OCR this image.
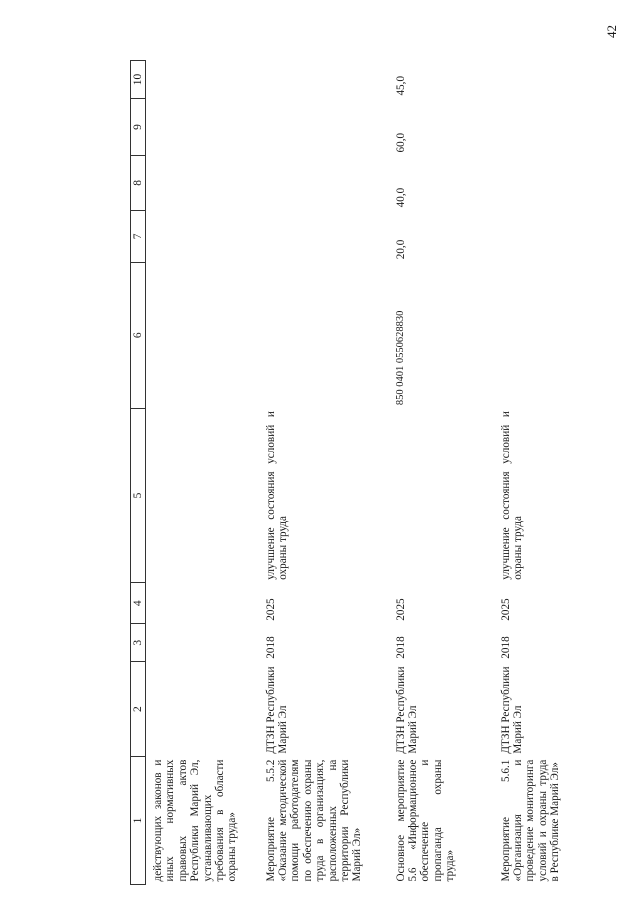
42
1	2	3	4	5	6	7	8	9	10
действующих законов и иных нормативных правовых актов Республики Марий Эл, устанавливающих требования в области охраны труда»									
Мероприятие 5.5.2 «Оказание методической помощи работодателям по обеспечению охраны труда в организациях, расположенных на территории Республики Марий Эл»	ДТЗН Республики Марий Эл	2018	2025	улучшение состояния условий и охраны труда					
Основное мероприятие 5.6 «Информационное обеспечение и пропаганда охраны труда»	ДТЗН Республики Марий Эл	2018	2025		850 0401 0550628830	20,0	40,0	60,0	45,0
Мероприятие 5.6.1 «Организация и проведение мониторинга условий и охраны труда в Республике Марий Эл»	ДТЗН Республики Марий Эл	2018	2025	улучшение состояния условий и охраны труда					
